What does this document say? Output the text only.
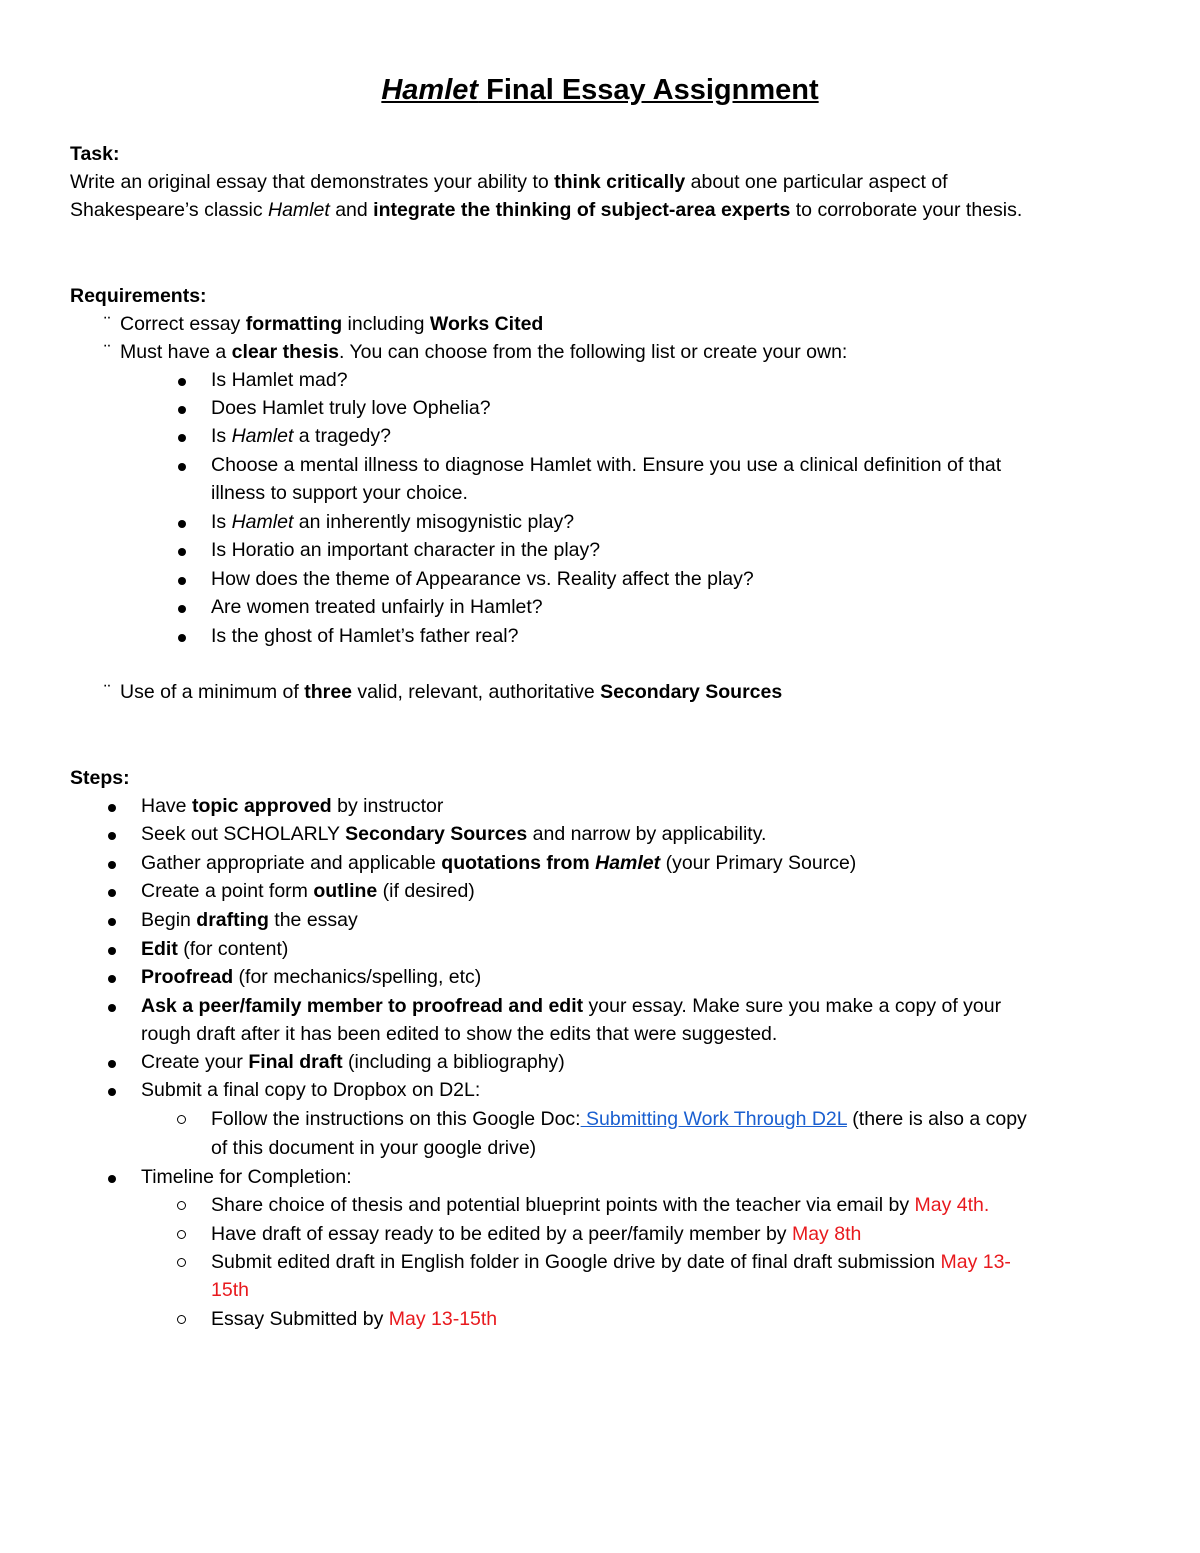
Hamlet Final Essay Assignment
Task:
Write an original essay that demonstrates your ability to think critically about one particular aspect of
Shakespeare’s classic Hamlet and integrate the thinking of subject-area experts to corroborate your thesis.
Requirements:
¨ Correct essay formatting including Works Cited
¨ Must have a clear thesis. You can choose from the following list or create your own:
Is Hamlet mad?
Does Hamlet truly love Ophelia?
Is Hamlet a tragedy?
Choose a mental illness to diagnose Hamlet with. Ensure you use a clinical definition of that
illness to support your choice.
Is Hamlet an inherently misogynistic play?
Is Horatio an important character in the play?
How does the theme of Appearance vs. Reality affect the play?
Are women treated unfairly in Hamlet?
Is the ghost of Hamlet’s father real?
¨ Use of a minimum of three valid, relevant, authoritative Secondary Sources
Steps:
Have topic approved by instructor
Seek out SCHOLARLY Secondary Sources and narrow by applicability.
Gather appropriate and applicable quotations from Hamlet (your Primary Source)
Create a point form outline (if desired)
Begin drafting the essay
Edit (for content)
Proofread (for mechanics/spelling, etc)
Ask a peer/family member to proofread and edit your essay. Make sure you make a copy of your
rough draft after it has been edited to show the edits that were suggested.
Create your Final draft (including a bibliography)
Submit a final copy to Dropbox on D2L:
Follow the instructions on this Google Doc: Submitting Work Through D2L (there is also a copy
of this document in your google drive)
Timeline for Completion:
Share choice of thesis and potential blueprint points with the teacher via email by May 4th.
Have draft of essay ready to be edited by a peer/family member by May 8th
Submit edited draft in English folder in Google drive by date of final draft submission May 13-
15th
Essay Submitted by May 13-15th
